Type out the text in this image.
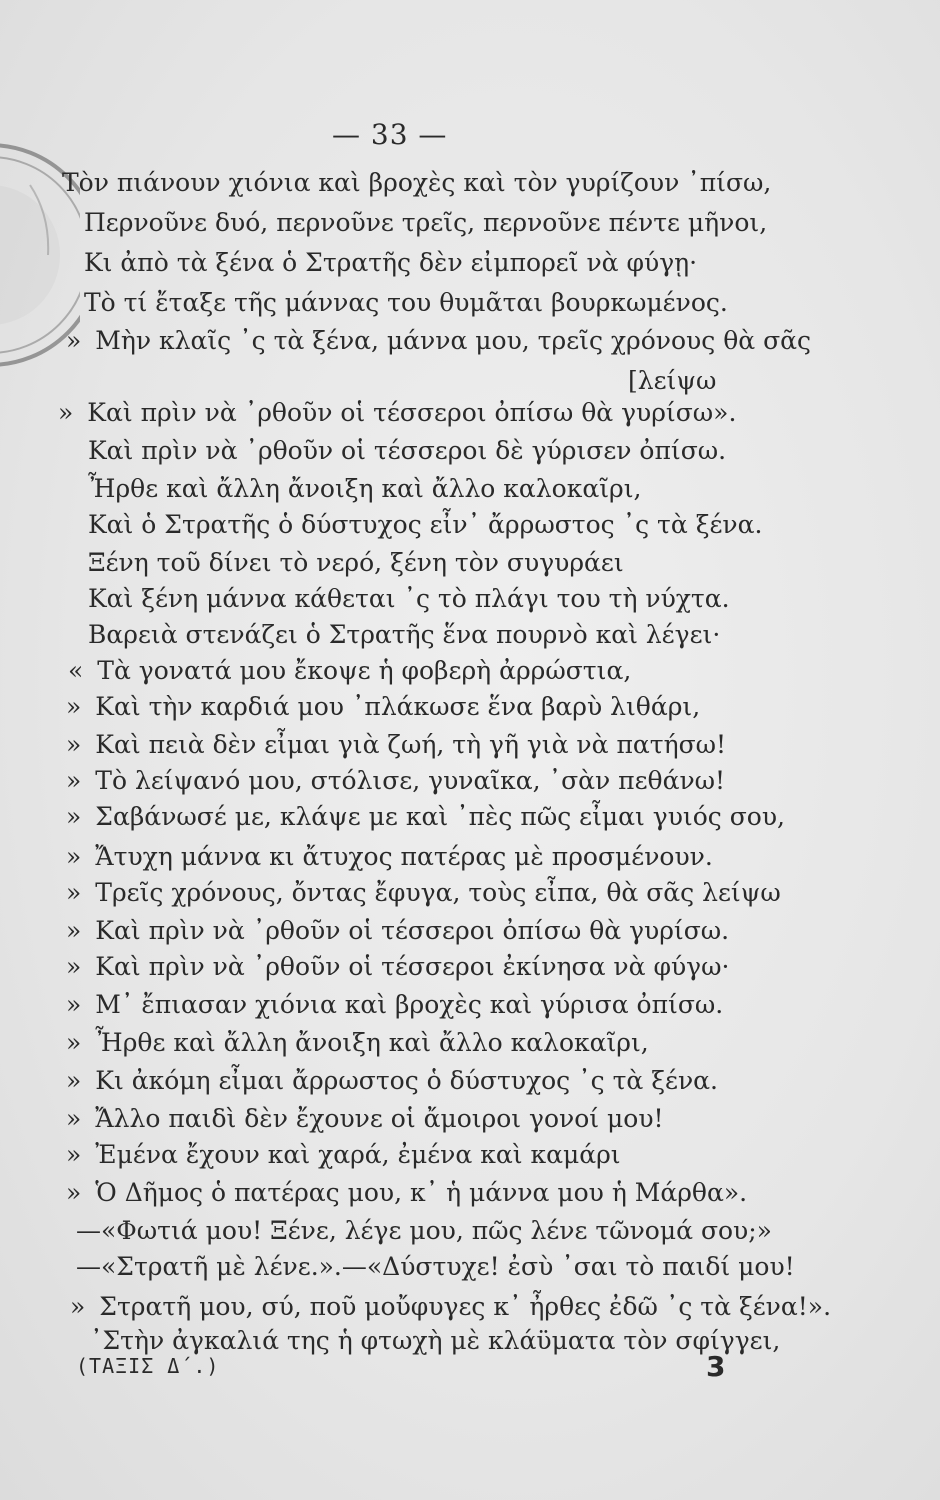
— 33 —
Τὸν πιάνουν χιόνια καὶ βροχὲς καὶ τὸν γυρίζουν ᾽πίσω,
Περνοῦνε δυό, περνοῦνε τρεῖς, περνοῦνε πέντε μῆνοι,
Κι ἀπὸ τὰ ξένα ὁ Στρατῆς δὲν εἰμπορεῖ νὰ φύγῃ·
Τὸ τί ἔταξε τῆς μάννας του θυμᾶται βουρκωμένος.
» Μὴν κλαῖς ᾽ς τὰ ξένα, μάννα μου, τρεῖς χρόνους θὰ σᾶς
[λείψω
» Καὶ πρὶν νὰ ᾽ρθοῦν οἱ τέσσεροι ὀπίσω θὰ γυρίσω».
Καὶ πρὶν νὰ ᾽ρθοῦν οἱ τέσσεροι δὲ γύρισεν ὀπίσω.
Ἦρθε καὶ ἄλλη ἄνοιξη καὶ ἄλλο καλοκαῖρι,
Καὶ ὁ Στρατῆς ὁ δύστυχος εἶν᾽ ἄρρωστος ᾽ς τὰ ξένα.
Ξένη τοῦ δίνει τὸ νερό, ξένη τὸν συγυράει
Καὶ ξένη μάννα κάθεται ᾽ς τὸ πλάγι του τὴ νύχτα.
Βαρειὰ στενάζει ὁ Στρατῆς ἕνα πουρνὸ καὶ λέγει·
« Τὰ γονατά μου ἔκοψε ἡ φοβερὴ ἀρρώστια,
» Καὶ τὴν καρδιά μου ᾽πλάκωσε ἕνα βαρὺ λιθάρι,
» Καὶ πειὰ δὲν εἶμαι γιὰ ζωή, τὴ γῆ γιὰ νὰ πατήσω!
» Τὸ λείψανό μου, στόλισε, γυναῖκα, ᾽σὰν πεθάνω!
» Σαβάνωσέ με, κλάψε με καὶ ᾽πὲς πῶς εἶμαι γυιός σου,
» Ἄτυχη μάννα κι ἄτυχος πατέρας μὲ προσμένουν.
» Τρεῖς χρόνους, ὄντας ἔφυγα, τοὺς εἶπα, θὰ σᾶς λείψω
» Καὶ πρὶν νὰ ᾽ρθοῦν οἱ τέσσεροι ὀπίσω θὰ γυρίσω.
» Καὶ πρὶν νὰ ᾽ρθοῦν οἱ τέσσεροι ἐκίνησα νὰ φύγω·
» Μ᾽ ἔπιασαν χιόνια καὶ βροχὲς καὶ γύρισα ὀπίσω.
» Ἦρθε καὶ ἄλλη ἄνοιξη καὶ ἄλλο καλοκαῖρι,
» Κι ἀκόμη εἶμαι ἄρρωστος ὁ δύστυχος ᾽ς τὰ ξένα.
» Ἄλλο παιδὶ δὲν ἔχουνε οἱ ἄμοιροι γονοί μου!
» Ἐμένα ἔχουν καὶ χαρά, ἐμένα καὶ καμάρι
» Ὁ Δῆμος ὁ πατέρας μου, κ᾽ ἡ μάννα μου ἡ Μάρθα».
—«Φωτιά μου! Ξένε, λέγε μου, πῶς λένε τῶνομά σου;»
—«Στρατῆ μὲ λένε.».—«Δύστυχε! ἐσὺ ᾽σαι τὸ παιδί μου!
» Στρατῆ μου, σύ, ποῦ μοὔφυγες κ᾽ ἦρθες ἐδῶ ᾽ς τὰ ξένα!».
᾽Στὴν ἀγκαλιά της ἡ φτωχὴ μὲ κλάϋματα τὸν σφίγγει,
(ΤΑΞΙΣ Δ΄.)	3
